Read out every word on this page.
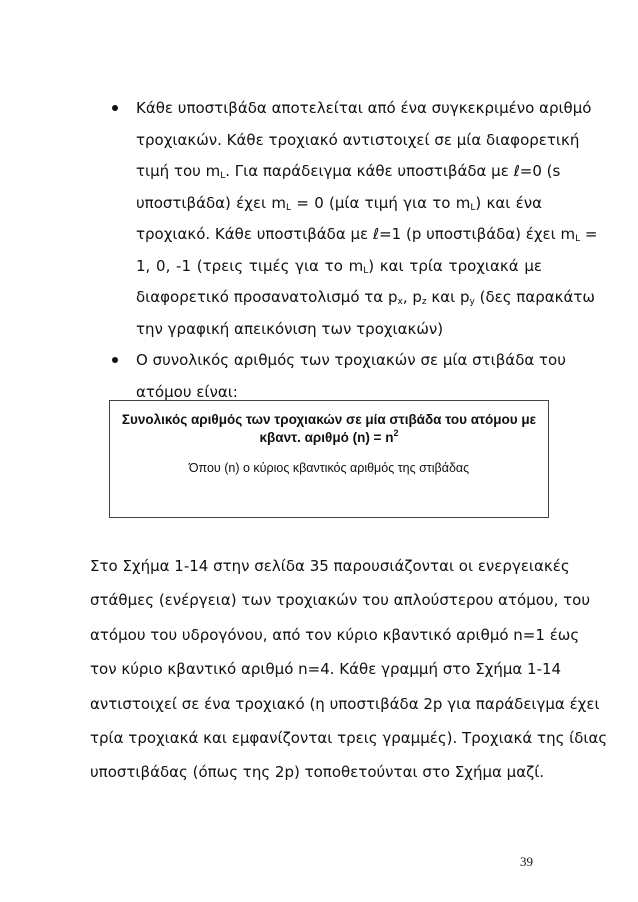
Κάθε υποστιβάδα αποτελείται από ένα συγκεκριμένο αριθμό
τροχιακών. Κάθε τροχιακό αντιστοιχεί σε μία διαφορετική
τιμή του $m_L$. Για παράδειγμα κάθε υποστιβάδα με ℓ=0 (s
υποστιβάδα) έχει $m_L = 0$ (μία τιμή για το $m_L$) και ένα
τροχιακό. Κάθε υποστιβάδα με ℓ=1 (p υποστιβάδα) έχει $m_L$ =
1, 0, -1 (τρεις τιμές για το $m_L$) και τρία τροχιακά με
διαφορετικό προσανατολισμό τα $p_x$, $p_z$ και $p_y$ (δες παρακάτω
την γραφική απεικόνιση των τροχιακών)
Ο συνολικός αριθμός των τροχιακών σε μία στιβάδα του
ατόμου είναι:
Συνολικός αριθμός των τροχιακών σε μία στιβάδα του ατόμου με
κβαντ. αριθμό $(n) = n^2$
Όπου (n) ο κύριος κβαντικός αριθμός της στιβάδας
Στο Σχήμα 1-14 στην σελίδα 35 παρουσιάζονται οι ενεργειακές
στάθμες (ενέργεια) των τροχιακών του απλούστερου ατόμου, του
ατόμου του υδρογόνου, από τον κύριο κβαντικό αριθμό n=1 έως
τον κύριο κβαντικό αριθμό n=4. Κάθε γραμμή στο Σχήμα 1-14
αντιστοιχεί σε ένα τροχιακό (η υποστιβάδα 2p για παράδειγμα έχει
τρία τροχιακά και εμφανίζονται τρεις γραμμές). Τροχιακά της ίδιας
υποστιβάδας (όπως της 2p) τοποθετούνται στο Σχήμα μαζί.
39
